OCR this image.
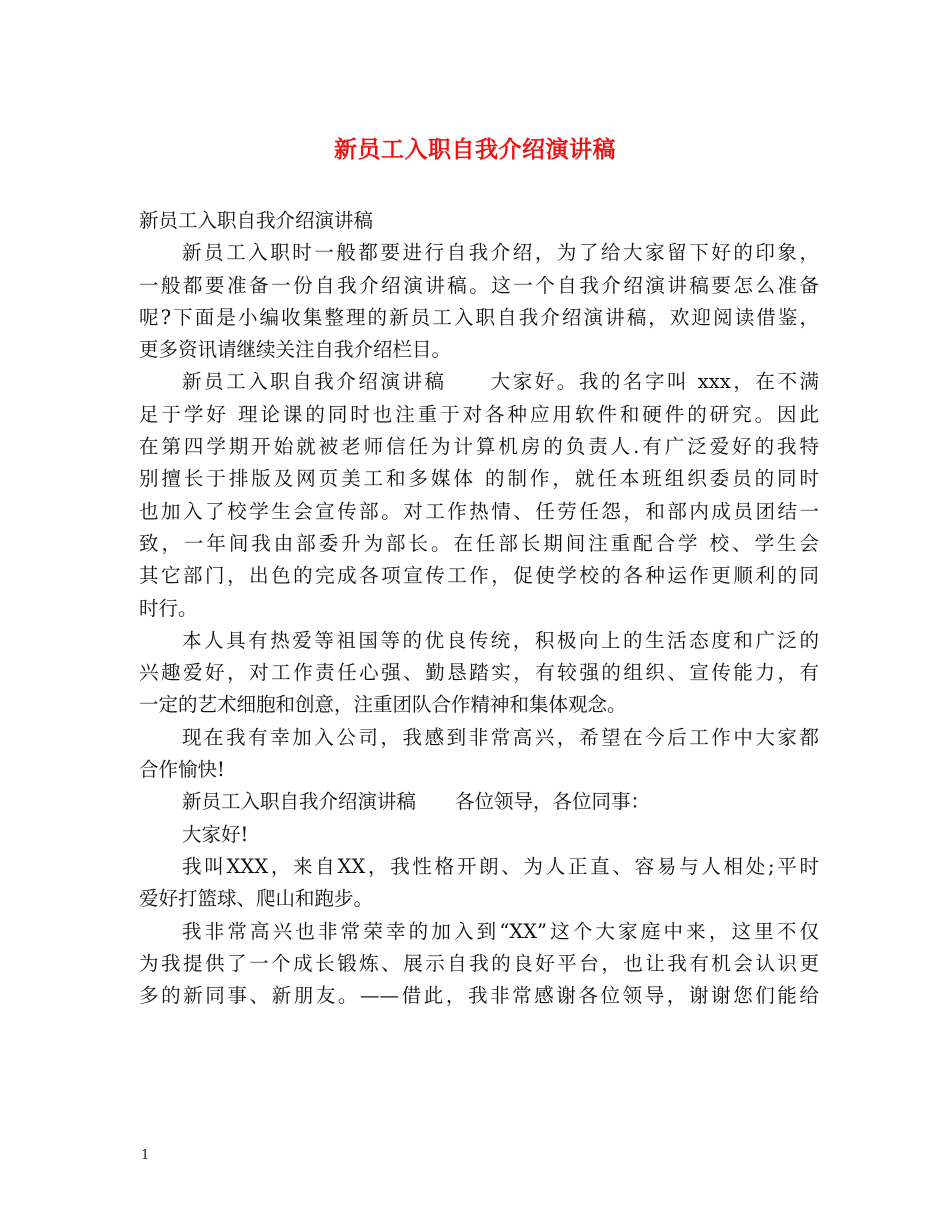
新员工入职自我介绍演讲稿
新员工入职自我介绍演讲稿
新员工入职时一般都要进行自我介绍，为了给大家留下好的印象，
一般都要准备一份自我介绍演讲稿。这一个自我介绍演讲稿要怎么准备
呢?下面是小编收集整理的新员工入职自我介绍演讲稿，欢迎阅读借鉴，
更多资讯请继续关注自我介绍栏目。
新员工入职自我介绍演讲稿　　大家好。我的名字叫 xxx，在不满
足于学好 理论课的同时也注重于对各种应用软件和硬件的研究。因此
在第四学期开始就被老师信任为计算机房的负责人.有广泛爱好的我特
别擅长于排版及网页美工和多媒体 的制作，就任本班组织委员的同时
也加入了校学生会宣传部。对工作热情、任劳任怨，和部内成员团结一
致，一年间我由部委升为部长。在任部长期间注重配合学 校、学生会
其它部门，出色的完成各项宣传工作，促使学校的各种运作更顺利的同
时行。
本人具有热爱等祖国等的优良传统，积极向上的生活态度和广泛的
兴趣爱好，对工作责任心强、勤恳踏实，有较强的组织、宣传能力，有
一定的艺术细胞和创意，注重团队合作精神和集体观念。
现在我有幸加入公司，我感到非常高兴，希望在今后工作中大家都
合作愉快!
新员工入职自我介绍演讲稿　　各位领导，各位同事：
大家好!
我叫XXX，来自XX，我性格开朗、为人正直、容易与人相处;平时
爱好打篮球、爬山和跑步。
我非常高兴也非常荣幸的加入到“XX”这个大家庭中来，这里不仅
为我提供了一个成长锻炼、展示自我的良好平台，也让我有机会认识更
多的新同事、新朋友。——借此，我非常感谢各位领导，谢谢您们能给
1
